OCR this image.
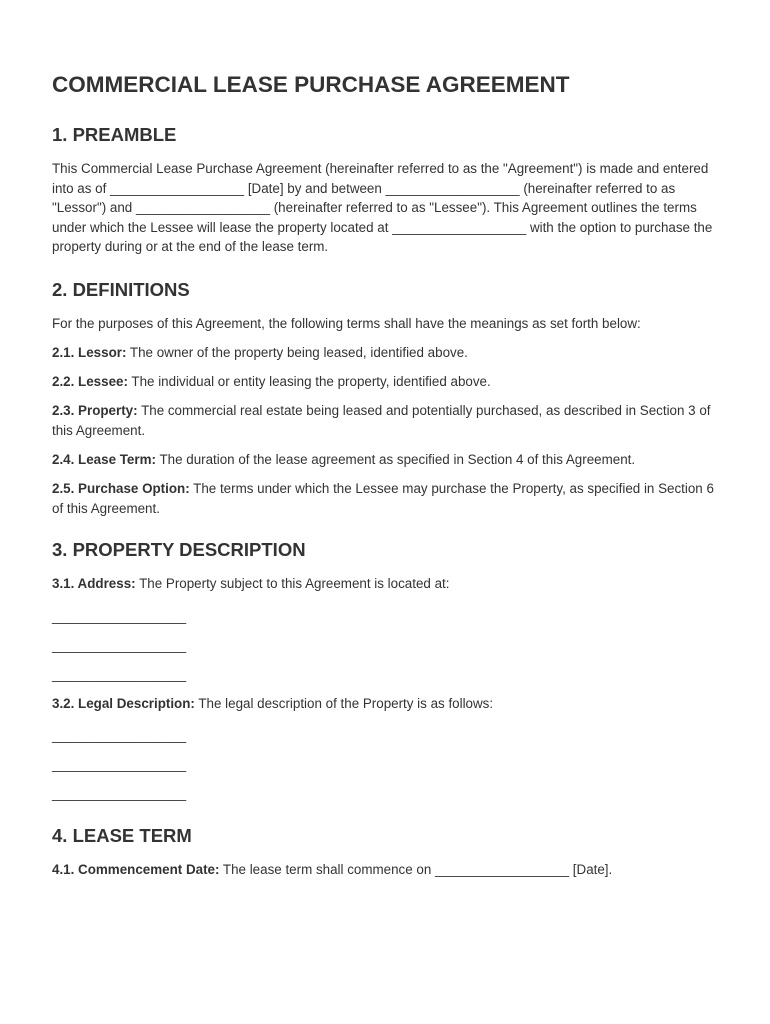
COMMERCIAL LEASE PURCHASE AGREEMENT
1. PREAMBLE

This Commercial Lease Purchase Agreement (hereinafter referred to as the "Agreement") is made and entered into as of __________________ [Date] by and between __________________ (hereinafter referred to as "Lessor") and __________________ (hereinafter referred to as "Lessee"). This Agreement outlines the terms under which the Lessee will lease the property located at __________________ with the option to purchase the property during or at the end of the lease term.

2. DEFINITIONS

For the purposes of this Agreement, the following terms shall have the meanings as set forth below:

2.1. Lessor: The owner of the property being leased, identified above.

2.2. Lessee: The individual or entity leasing the property, identified above.

2.3. Property: The commercial real estate being leased and potentially purchased, as described in Section 3 of this Agreement.

2.4. Lease Term: The duration of the lease agreement as specified in Section 4 of this Agreement.

2.5. Purchase Option: The terms under which the Lessee may purchase the Property, as specified in Section 6 of this Agreement.

3. PROPERTY DESCRIPTION

3.1. Address: The Property subject to this Agreement is located at:

__________________

__________________

__________________

3.2. Legal Description: The legal description of the Property is as follows:

__________________

__________________

__________________

4. LEASE TERM

4.1. Commencement Date: The lease term shall commence on __________________ [Date].
